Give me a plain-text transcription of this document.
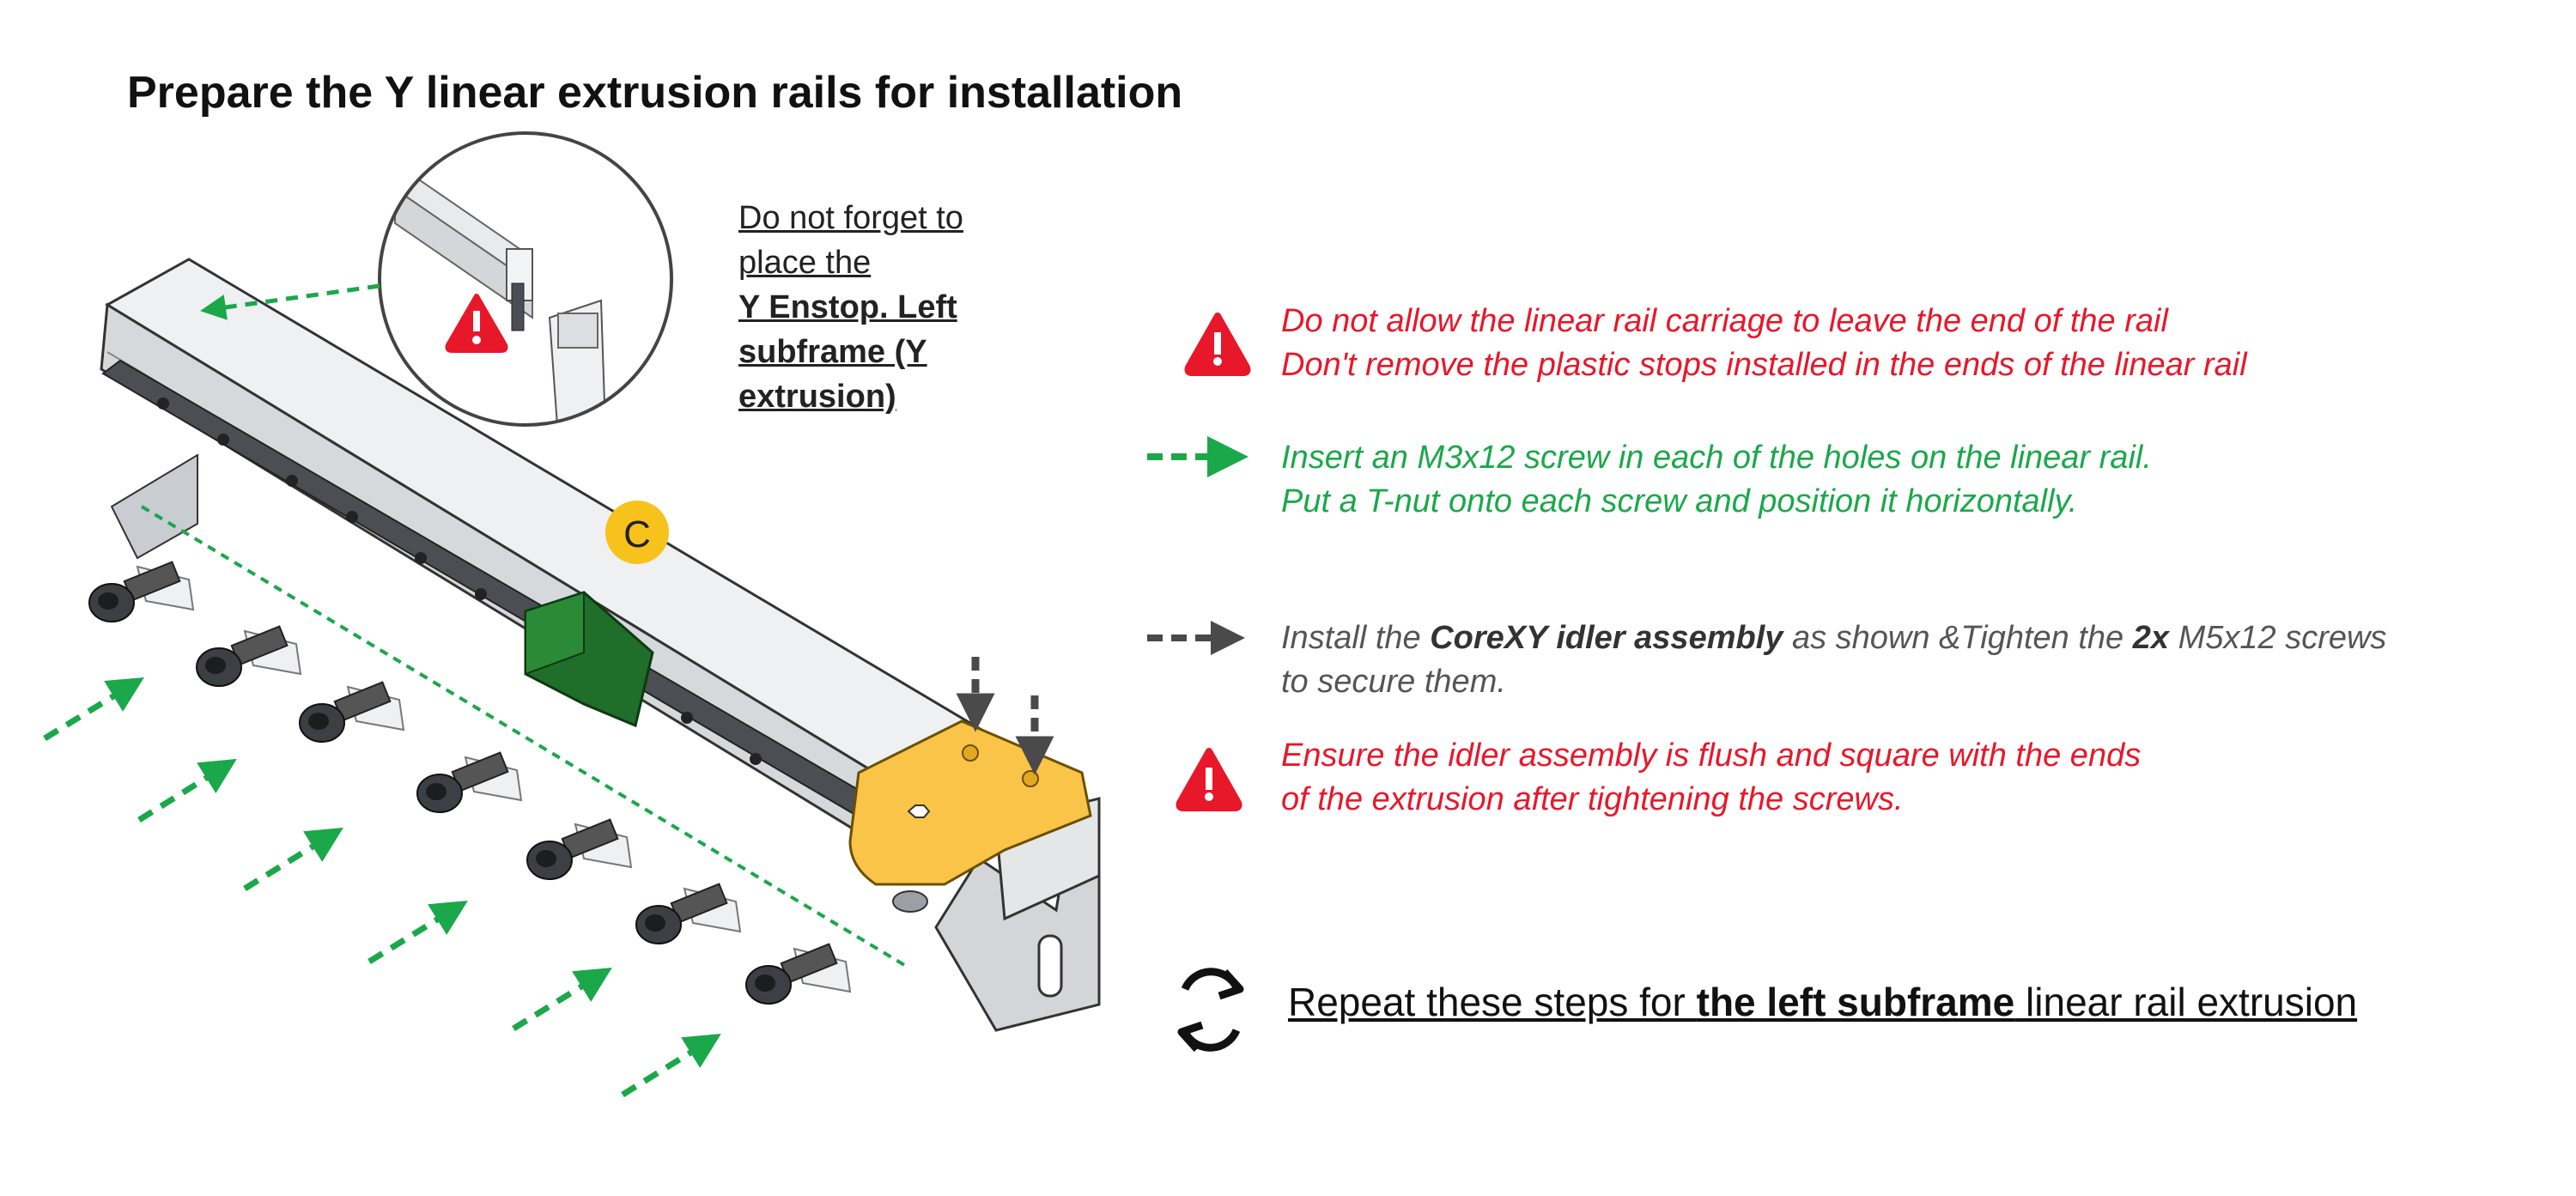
C
Prepare the Y linear extrusion rails for installation
Do not forget to
place the
Y Enstop. Left
subframe (Y
extrusion)
Do not allow the linear rail carriage to leave the end of the rail
Don't remove the plastic stops installed in the ends of the linear rail
Insert an M3x12 screw in each of the holes on the linear rail.
Put a T-nut onto each screw and position it horizontally.
Install the CoreXY idler assembly as shown &Tighten the 2x M5x12 screws
to secure them.
Ensure the idler assembly is flush and square with the ends
of the extrusion after tightening the screws.
Repeat these steps for the left subframe linear rail extrusion
